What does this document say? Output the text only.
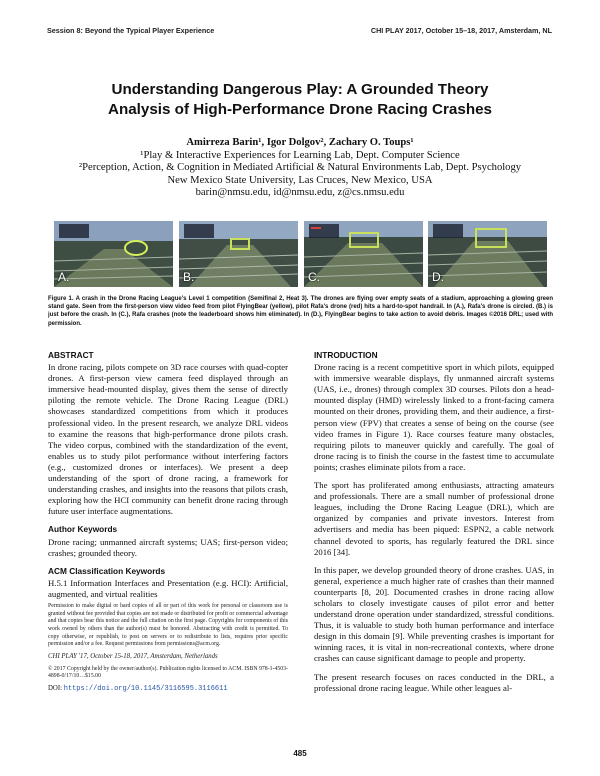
Session 8: Beyond the Typical Player Experience	CHI PLAY 2017, October 15–18, 2017, Amsterdam, NL
Understanding Dangerous Play: A Grounded Theory
Analysis of High-Performance Drone Racing Crashes
Amirreza Barin¹, Igor Dolgov², Zachary O. Toups¹
¹Play & Interactive Experiences for Learning Lab, Dept. Computer Science
²Perception, Action, & Cognition in Mediated Artificial & Natural Environments Lab, Dept. Psychology
New Mexico State University, Las Cruces, New Mexico, USA
barin@nmsu.edu, id@nmsu.edu, z@cs.nmsu.edu
A.	B.	C.	D.
Figure 1. A crash in the Drone Racing League's Level 1 competition (Semifinal 2, Heat 3). The drones are flying over empty seats of a stadium, approaching a glowing green stand gate. Seen from the first-person view video feed from pilot FlyingBear (yellow), pilot Rafa's drone (red) hits a hard-to-spot handrail. In (A.), Rafa's drone is circled. (B.) is just before the crash. In (C.), Rafa crashes (note the leaderboard shows him eliminated). In (D.), FlyingBear begins to take action to avoid debris. Images ©2016 DRL; used with permission.
ABSTRACT

In drone racing, pilots compete on 3D race courses with quad-copter drones. A first-person view camera feed displayed through an immersive head-mounted display, gives them the sense of directly piloting the remote vehicle. The Drone Racing League (DRL) showcases standardized competitions from which it produces professional video. In the present research, we analyze DRL videos to examine the reasons that high-performance drone pilots crash. The video corpus, combined with the standardization of the event, enables us to study pilot performance without interfering factors (e.g., customized drones or interfaces). We present a deep understanding of the sport of drone racing, a framework for understanding crashes, and insights into the reasons that pilots crash, exploring how the HCI community can benefit drone racing through future user interface augmentations.

Author Keywords

Drone racing; unmanned aircraft systems; UAS; first-person video; crashes; grounded theory.

ACM Classification Keywords

H.5.1 Information Interfaces and Presentation (e.g. HCI): Artificial, augmented, and virtual realities

Permission to make digital or hard copies of all or part of this work for personal or classroom use is granted without fee provided that copies are not made or distributed for profit or commercial advantage and that copies bear this notice and the full citation on the first page. Copyrights for components of this work owned by others than the author(s) must be honored. Abstracting with credit is permitted. To copy otherwise, or republish, to post on servers or to redistribute to lists, requires prior specific permission and/or a fee. Request permissions from permissions@acm.org.

CHI PLAY '17, October 15-18, 2017, Amsterdam, Netherlands
© 2017 Copyright held by the owner/author(s). Publication rights licensed to ACM. ISBN 978-1-4503-4898-0/17/10…$15.00
DOI: https://doi.org/10.1145/3116595.3116611
INTRODUCTION

Drone racing is a recent competitive sport in which pilots, equipped with immersive wearable displays, fly unmanned aircraft systems (UAS, i.e., drones) through complex 3D courses. Pilots don a head-mounted display (HMD) wirelessly linked to a front-facing camera mounted on their drones, providing them, and their audience, a first-person view (FPV) that creates a sense of being on the course (see video frames in Figure 1). Race courses feature many obstacles, requiring pilots to maneuver quickly and carefully. The goal of drone racing is to finish the course in the fastest time to accumulate points; crashes eliminate pilots from a race.

The sport has proliferated among enthusiasts, attracting amateurs and professionals. There are a small number of professional drone leagues, including the Drone Racing League (DRL), which are organized by companies and private investors. Interest from advertisers and media has been piqued: ESPN2, a cable network channel devoted to sports, has regularly featured the DRL since 2016 [34].

In this paper, we develop grounded theory of drone crashes. UAS, in general, experience a much higher rate of crashes than their manned counterparts [8, 20]. Documented crashes in drone racing allow scholars to closely investigate causes of pilot error and better understand drone operation under standardized, stressful conditions. Thus, it is valuable to study both human performance and interface design in this domain [9]. While preventing crashes is important for winning races, it is vital in non-recreational contexts, where drone crashes can cause significant damage to people and property.

The present research focuses on races conducted in the DRL, a professional drone racing league. While other leagues al-

485
